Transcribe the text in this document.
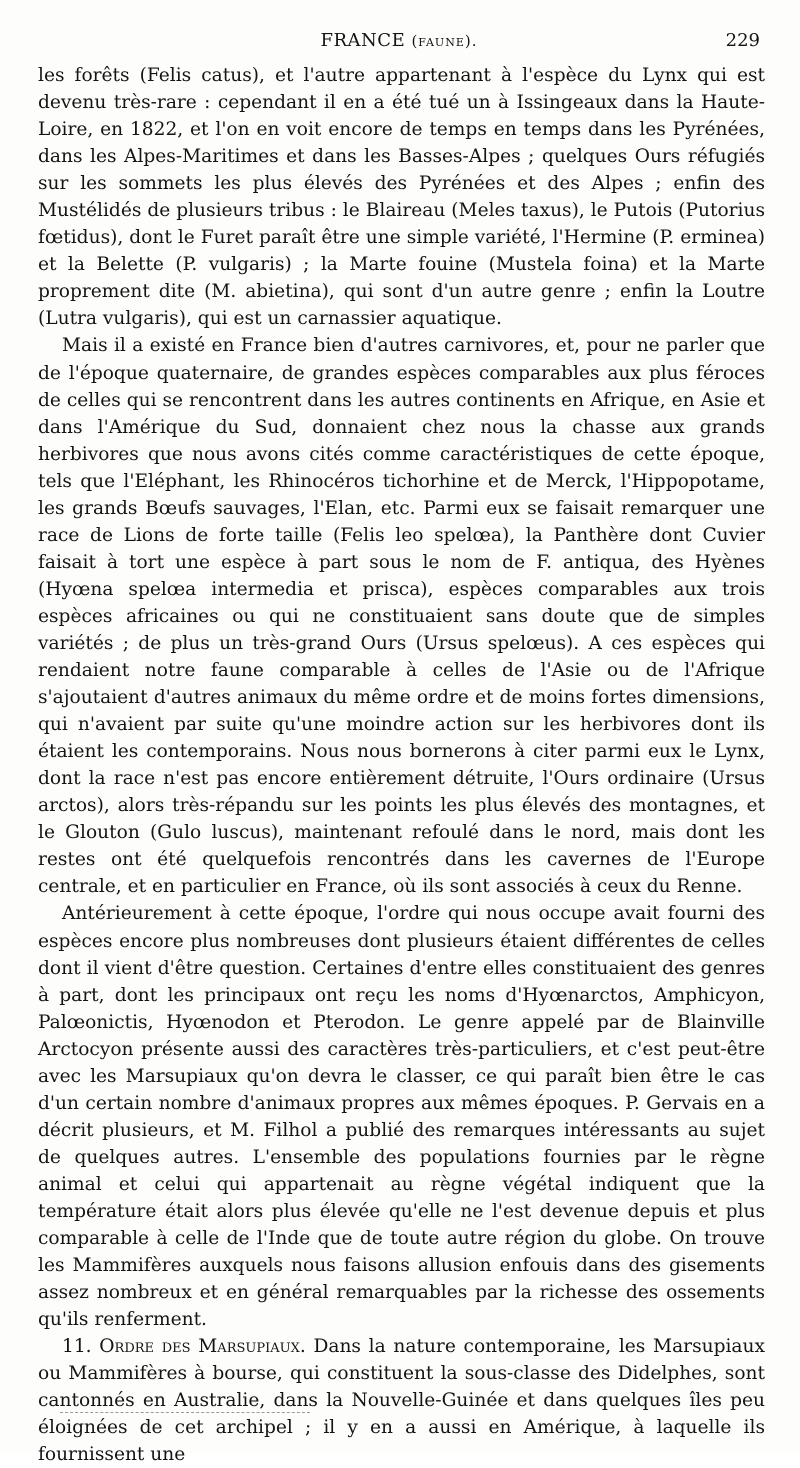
FRANCE (faune).	229

les forêts (Felis catus), et l'autre appartenant à l'espèce du Lynx qui est devenu très-rare : cependant il en a été tué un à Issingeaux dans la Haute-Loire, en 1822, et l'on en voit encore de temps en temps dans les Pyrénées, dans les Alpes-Maritimes et dans les Basses-Alpes ; quelques Ours réfugiés sur les sommets les plus élevés des Pyrénées et des Alpes ; enfin des Mustélidés de plusieurs tribus : le Blaireau (Meles taxus), le Putois (Putorius fœtidus), dont le Furet paraît être une simple variété, l'Hermine (P. erminea) et la Belette (P. vulgaris) ; la Marte fouine (Mustela foina) et la Marte proprement dite (M. abietina), qui sont d'un autre genre ; enfin la Loutre (Lutra vulgaris), qui est un carnassier aquatique.

Mais il a existé en France bien d'autres carnivores, et, pour ne parler que de l'époque quaternaire, de grandes espèces comparables aux plus féroces de celles qui se rencontrent dans les autres continents en Afrique, en Asie et dans l'Amérique du Sud, donnaient chez nous la chasse aux grands herbivores que nous avons cités comme caractéristiques de cette époque, tels que l'Eléphant, les Rhinocéros tichorhine et de Merck, l'Hippopotame, les grands Bœufs sauvages, l'Elan, etc. Parmi eux se faisait remarquer une race de Lions de forte taille (Felis leo spelœa), la Panthère dont Cuvier faisait à tort une espèce à part sous le nom de F. antiqua, des Hyènes (Hyœna spelœa intermedia et prisca), espèces comparables aux trois espèces africaines ou qui ne constituaient sans doute que de simples variétés ; de plus un très-grand Ours (Ursus spelœus). A ces espèces qui rendaient notre faune comparable à celles de l'Asie ou de l'Afrique s'ajoutaient d'autres animaux du même ordre et de moins fortes dimensions, qui n'avaient par suite qu'une moindre action sur les herbivores dont ils étaient les contemporains. Nous nous bornerons à citer parmi eux le Lynx, dont la race n'est pas encore entièrement détruite, l'Ours ordinaire (Ursus arctos), alors très-répandu sur les points les plus élevés des montagnes, et le Glouton (Gulo luscus), maintenant refoulé dans le nord, mais dont les restes ont été quelquefois rencontrés dans les cavernes de l'Europe centrale, et en particulier en France, où ils sont associés à ceux du Renne.

Antérieurement à cette époque, l'ordre qui nous occupe avait fourni des espèces encore plus nombreuses dont plusieurs étaient différentes de celles dont il vient d'être question. Certaines d'entre elles constituaient des genres à part, dont les principaux ont reçu les noms d'Hyœnarctos, Amphicyon, Palœonictis, Hyœnodon et Pterodon. Le genre appelé par de Blainville Arctocyon présente aussi des caractères très-particuliers, et c'est peut-être avec les Marsupiaux qu'on devra le classer, ce qui paraît bien être le cas d'un certain nombre d'animaux propres aux mêmes époques. P. Gervais en a décrit plusieurs, et M. Filhol a publié des remarques intéressants au sujet de quelques autres. L'ensemble des populations fournies par le règne animal et celui qui appartenait au règne végétal indiquent que la température était alors plus élevée qu'elle ne l'est devenue depuis et plus comparable à celle de l'Inde que de toute autre région du globe. On trouve les Mammifères auxquels nous faisons allusion enfouis dans des gisements assez nombreux et en général remarquables par la richesse des ossements qu'ils renferment.

11. Ordre des Marsupiaux. Dans la nature contemporaine, les Marsupiaux ou Mammifères à bourse, qui constituent la sous-classe des Didelphes, sont cantonnés en Australie, dans la Nouvelle-Guinée et dans quelques îles peu éloignées de cet archipel ; il y en a aussi en Amérique, à laquelle ils fournissent une
